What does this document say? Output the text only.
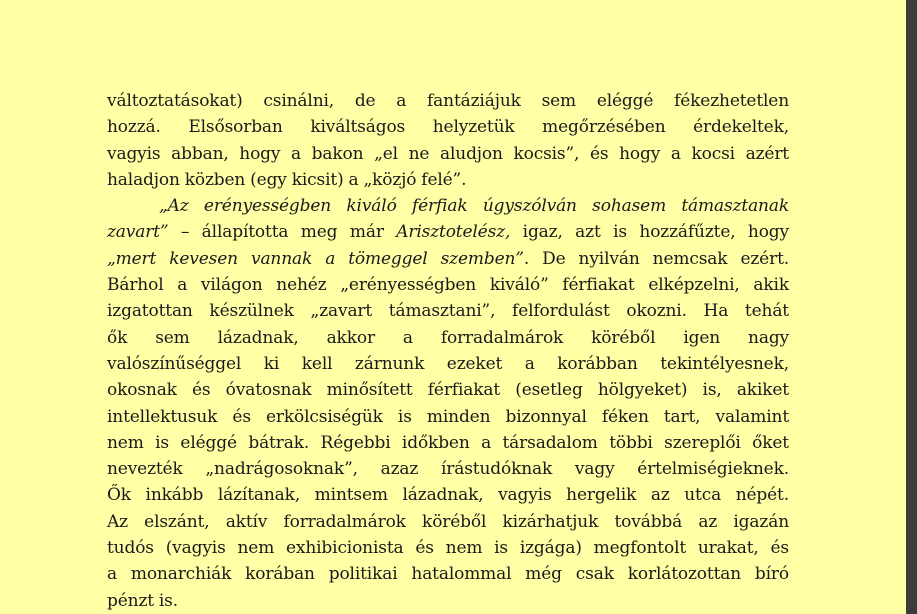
változtatásokat) csinálni, de a fantáziájuk sem eléggé fékezhetetlen
hozzá. Elsősorban kiváltságos helyzetük megőrzésében érdekeltek,
vagyis abban, hogy a bakon „el ne aludjon kocsis”, és hogy a kocsi azért
haladjon közben (egy kicsit) a „közjó felé”.
„Az erényességben kiváló férfiak úgyszólván sohasem támasztanak
zavart” – állapította meg már Arisztotelész, igaz, azt is hozzáfűzte, hogy
„mert kevesen vannak a tömeggel szemben”. De nyilván nemcsak ezért.
Bárhol a világon nehéz „erényességben kiváló” férfiakat elképzelni, akik
izgatottan készülnek „zavart támasztani”, felfordulást okozni. Ha tehát
ők sem lázadnak, akkor a forradalmárok köréből igen nagy
valószínűséggel ki kell zárnunk ezeket a korábban tekintélyesnek,
okosnak és óvatosnak minősített férfiakat (esetleg hölgyeket) is, akiket
intellektusuk és erkölcsiségük is minden bizonnyal féken tart, valamint
nem is eléggé bátrak. Régebbi időkben a társadalom többi szereplői őket
nevezték „nadrágosoknak”, azaz írástudóknak vagy értelmiségieknek.
Ők inkább lázítanak, mintsem lázadnak, vagyis hergelik az utca népét.
Az elszánt, aktív forradalmárok köréből kizárhatjuk továbbá az igazán
tudós (vagyis nem exhibicionista és nem is izgága) megfontolt urakat, és
a monarchiák korában politikai hatalommal még csak korlátozottan bíró
pénzt is.
